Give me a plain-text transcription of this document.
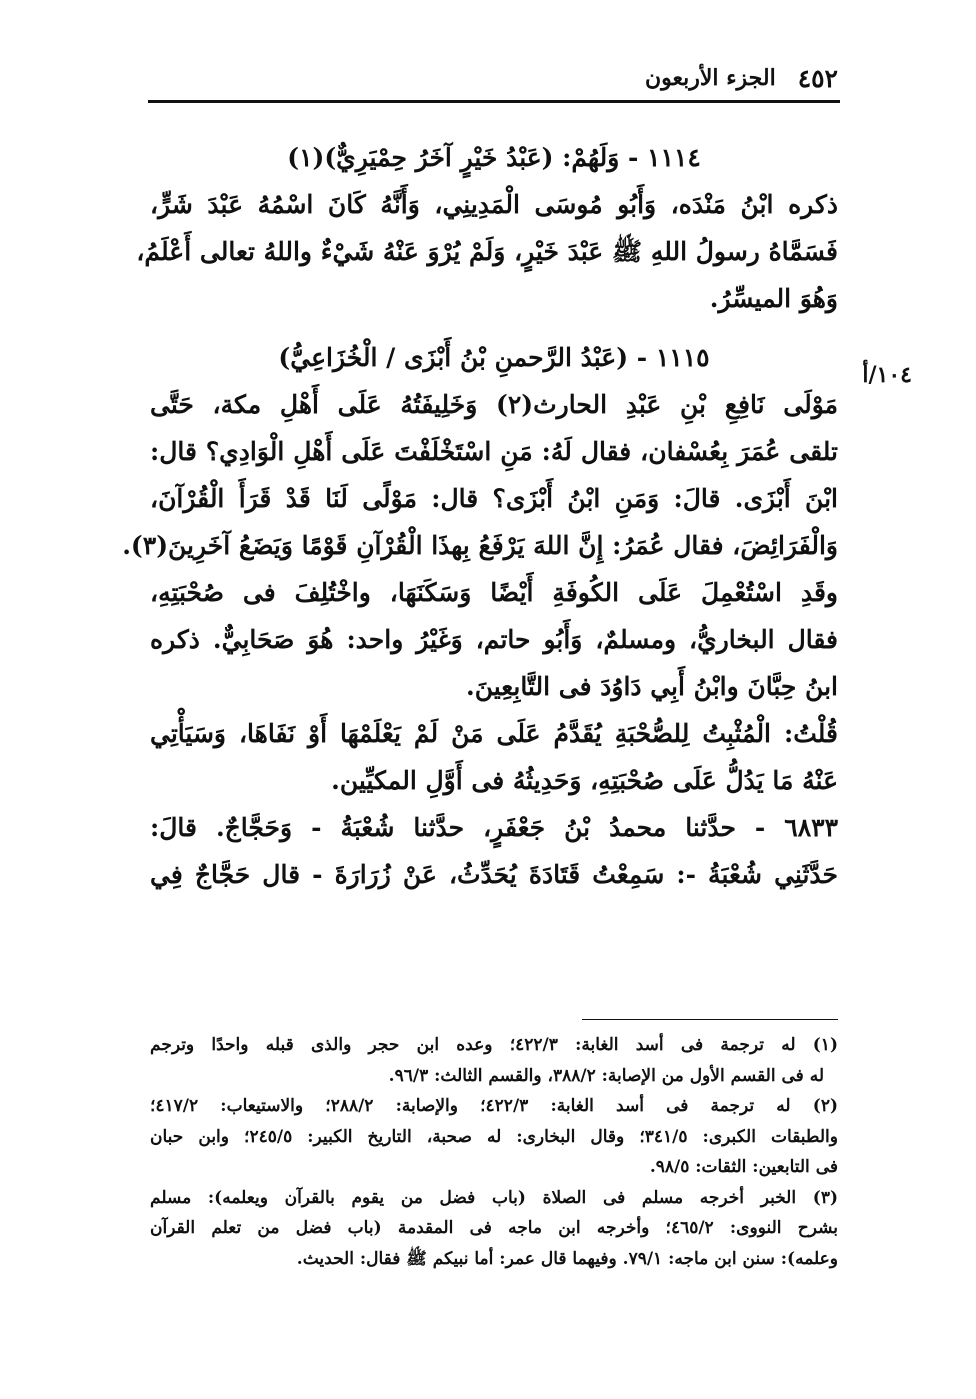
٤٥٢
الجزء الأربعون
١٠٤/أ
١١١٤ - وَلَهُمْ: (عَبْدُ خَيْرٍ آخَرُ حِمْيَرِيٌّ)(١)
ذكره ابْنُ مَنْدَه، وَأَبُو مُوسَى الْمَدِينِي، وَأَنَّهُ كَانَ اسْمُهُ عَبْدَ شَرٍّ،
فَسَمَّاهُ رسولُ اللهِ ﷺ عَبْدَ خَيْرٍ، وَلَمْ يُرْوَ عَنْهُ شَيْءٌ واللهُ تعالى أَعْلَمُ،
وَهُوَ الميسِّرُ.
١١١٥ - (عَبْدُ الرَّحمنِ بْنُ أَبْزَى / الْخُزَاعِيُّ)
مَوْلَى نَافِعِ بْنِ عَبْدِ الحارث(٢) وَخَلِيفَتُهُ عَلَى أَهْلِ مكة، حَتَّى
تلقى عُمَرَ بِعُسْفان، فقال لَهُ: مَنِ اسْتَخْلَفْتَ عَلَى أَهْلِ الْوَادِي؟ قال:
ابْنَ أَبْزَى. قالَ: وَمَنِ ابْنُ أَبْزَى؟ قال: مَوْلًى لَنَا قَدْ قَرَأَ الْقُرْآنَ،
وَالْفَرَائِضَ، فقال عُمَرُ: إِنَّ اللهَ يَرْفَعُ بِهذَا الْقُرْآنِ قَوْمًا وَيَضَعُ آخَرِينَ(٣).
وقَدِ اسْتُعْمِلَ عَلَى الكُوفَةِ أَيْضًا وَسَكَنَهَا، واخْتُلِفَ فى صُحْبَتِهِ،
فقال البخاريُّ، ومسلمٌ، وَأَبُو حاتم، وَغَيْرُ واحد: هُوَ صَحَابِيٌّ. ذكره
ابنُ حِبَّانَ وابْنُ أَبِي دَاوُدَ فى التَّابِعِينَ.
قُلْتُ: الْمُثْبِتُ لِلصُّحْبَةِ يُقَدَّمُ عَلَى مَنْ لَمْ يَعْلَمْهَا أَوْ نَفَاهَا، وَسَيَأْتِي
عَنْهُ مَا يَدُلُّ عَلَى صُحْبَتِهِ، وَحَدِيثُهُ فى أَوَّلِ المكيِّين.
٦٨٣٣ - حدَّثنا محمدُ بْنُ جَعْفَرٍ، حدَّثنا شُعْبَةُ - وَحَجَّاجٌ. قالَ:
حَدَّثَنِي شُعْبَةُ -: سَمِعْتُ قَتَادَةَ يُحَدِّثُ، عَنْ زُرَارَةَ - قال حَجَّاجٌ فِي
(١) له ترجمة فى أسد الغابة: ٤٢٢/٣؛ وعده ابن حجر والذى قبله واحدًا وترجم
له فى القسم الأول من الإصابة: ٣٨٨/٢، والقسم الثالث: ٩٦/٣.
(٢) له ترجمة فى أسد الغابة: ٤٢٢/٣؛ والإصابة: ٢٨٨/٢؛ والاستيعاب: ٤١٧/٢؛
والطبقات الكبرى: ٣٤١/٥؛ وقال البخارى: له صحبة، التاريخ الكبير: ٢٤٥/٥؛ وابن حبان
فى التابعين: الثقات: ٩٨/٥.
(٣) الخبر أخرجه مسلم فى الصلاة (باب فضل من يقوم بالقرآن ويعلمه): مسلم
بشرح النووى: ٤٦٥/٢؛ وأخرجه ابن ماجه فى المقدمة (باب فضل من تعلم القرآن
وعلمه): سنن ابن ماجه: ٧٩/١. وفيهما قال عمر: أما نبيكم ﷺ فقال: الحديث.
